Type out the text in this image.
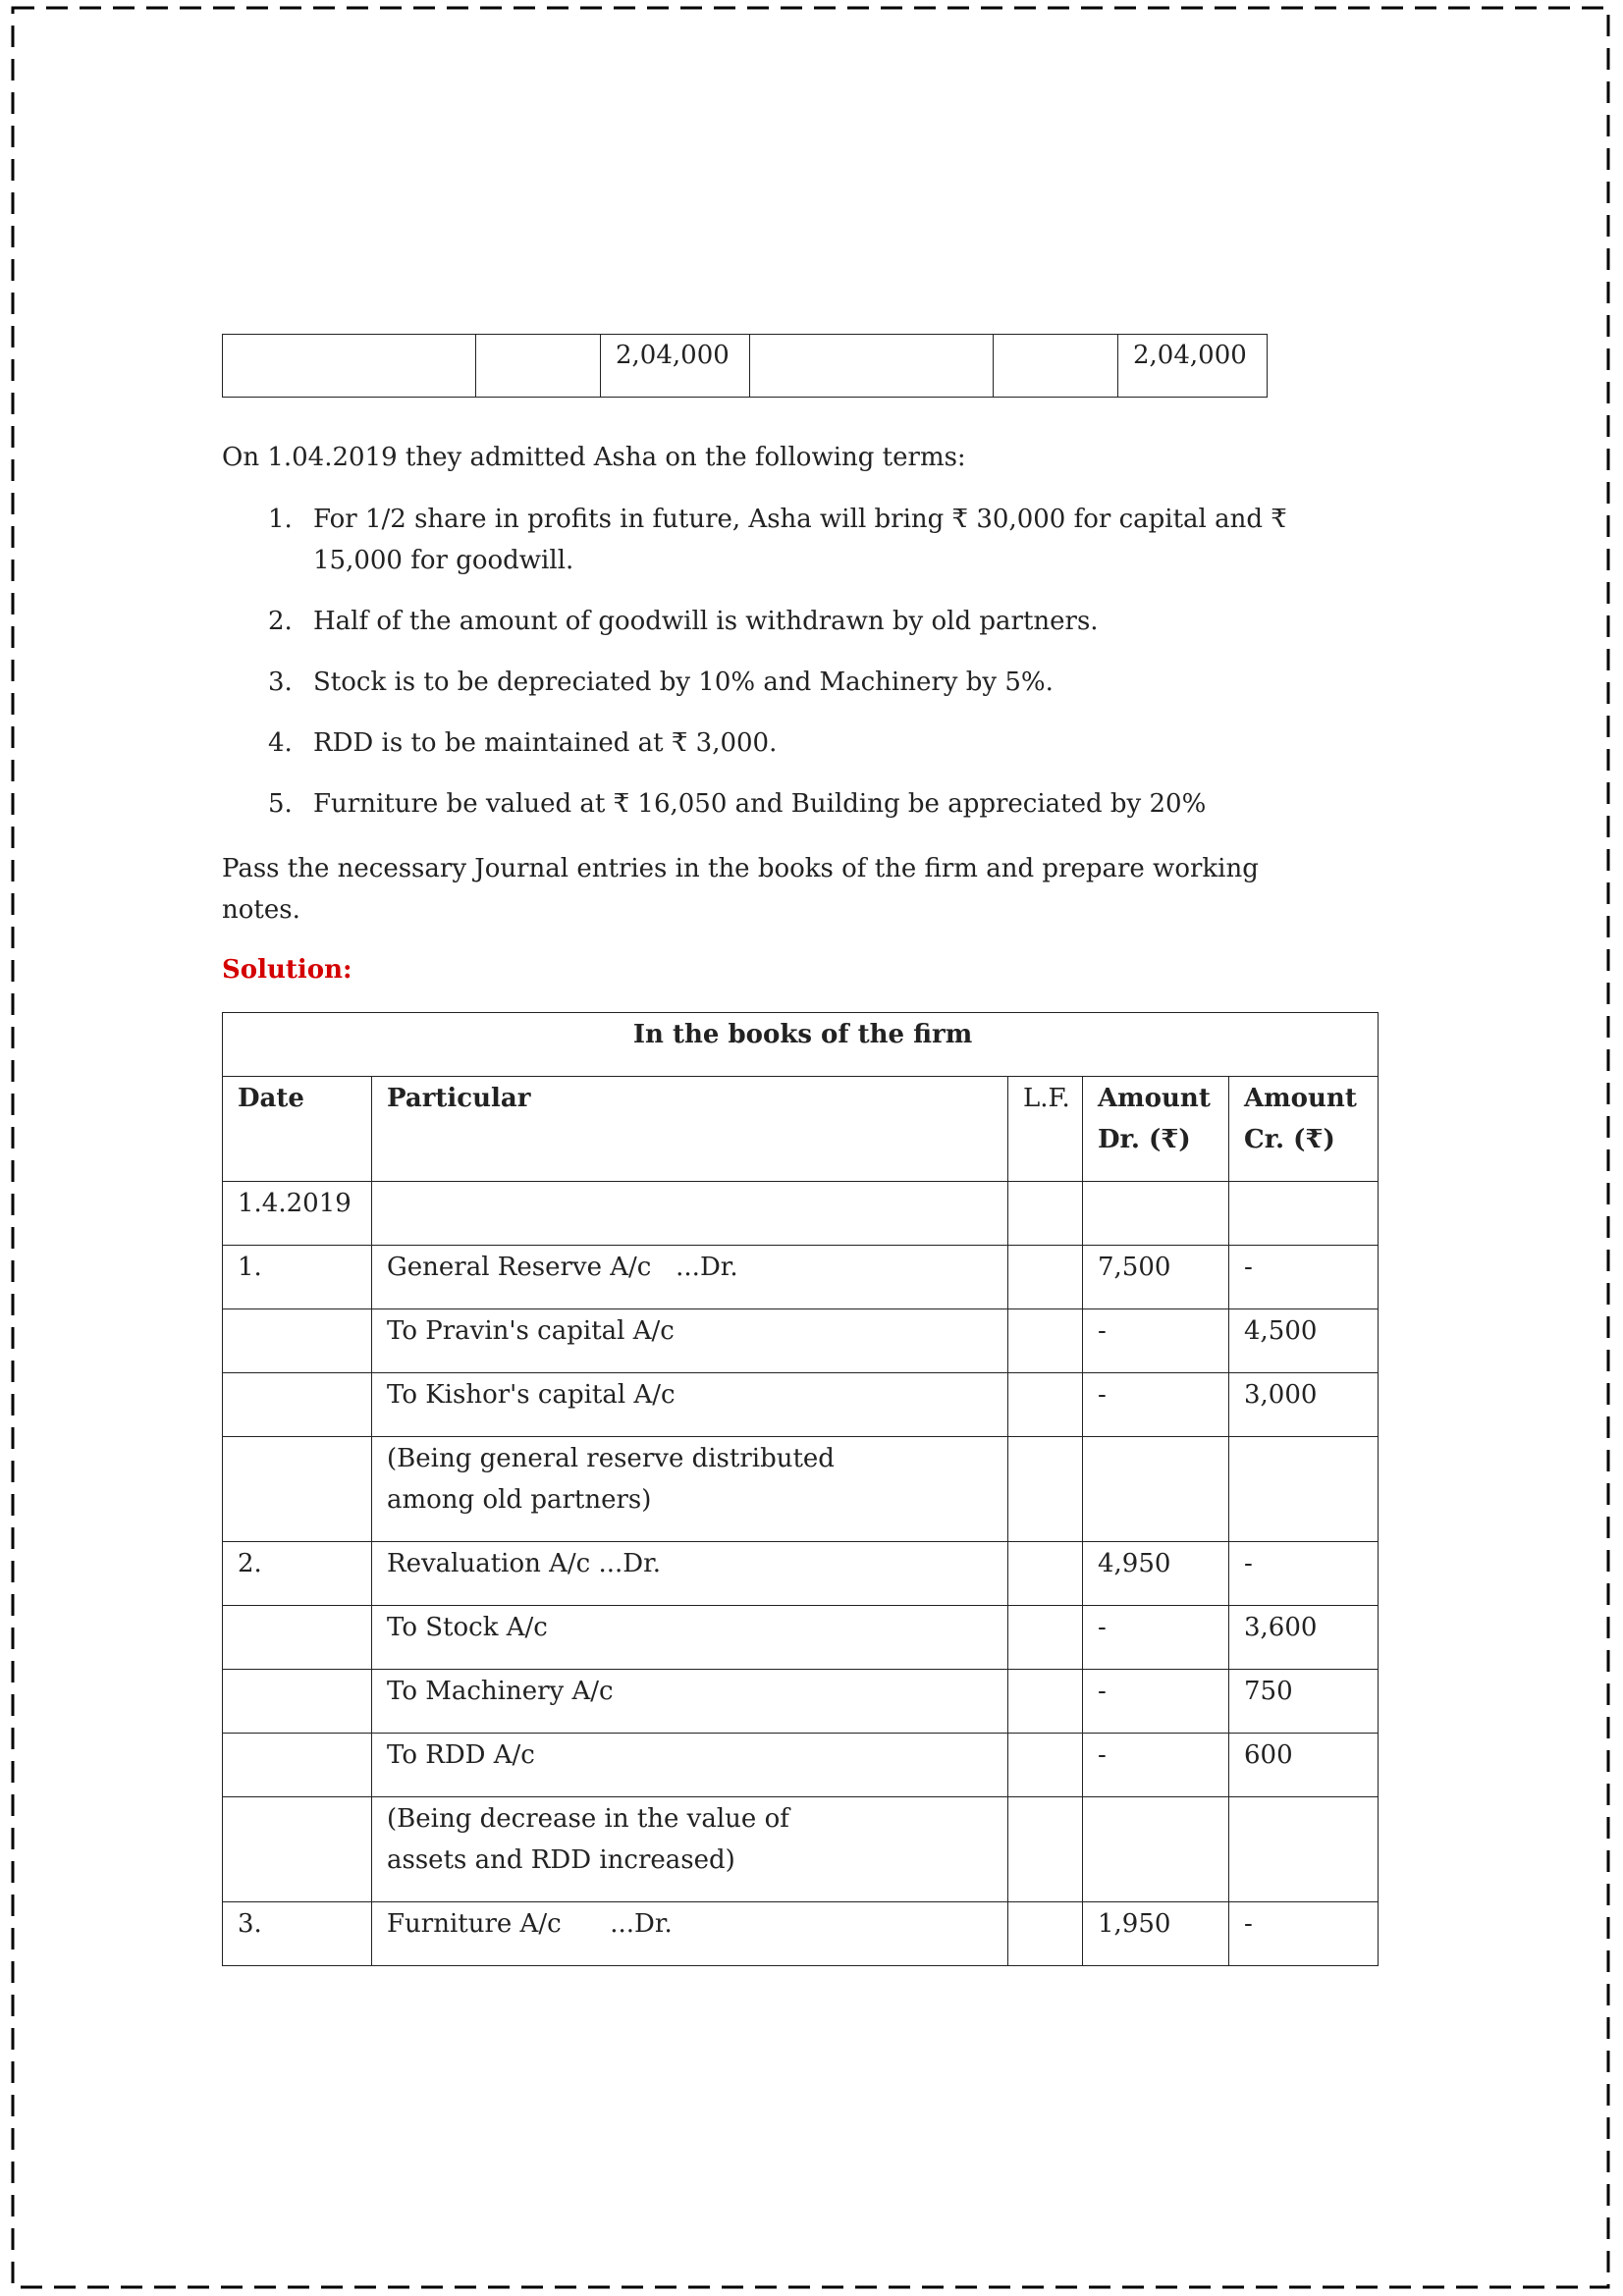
		2,04,000			2,04,000
On 1.04.2019 they admitted Asha on the following terms:
1. For 1/2 share in profits in future, Asha will bring ₹ 30,000 for capital and ₹ 15,000 for goodwill.
2. Half of the amount of goodwill is withdrawn by old partners.
3. Stock is to be depreciated by 10% and Machinery by 5%.
4. RDD is to be maintained at ₹ 3,000.
5. Furniture be valued at ₹ 16,050 and Building be appreciated by 20%
Pass the necessary Journal entries in the books of the firm and prepare working notes.
Solution:
In the books of the firm				
Date	Particular	L.F.	Amount Dr. (₹)	Amount Cr. (₹)
1.4.2019				
1.	General Reserve A/c   ...Dr.		7,500	-
	To Pravin's capital A/c		-	4,500
	To Kishor's capital A/c		-	3,000
	(Being general reserve distributed among old partners)			
2.	Revaluation A/c ...Dr.		4,950	-
	To Stock A/c		-	3,600
	To Machinery A/c		-	750
	To RDD A/c		-	600
	(Being decrease in the value of assets and RDD increased)			
3.	Furniture A/c      ...Dr.		1,950	-
